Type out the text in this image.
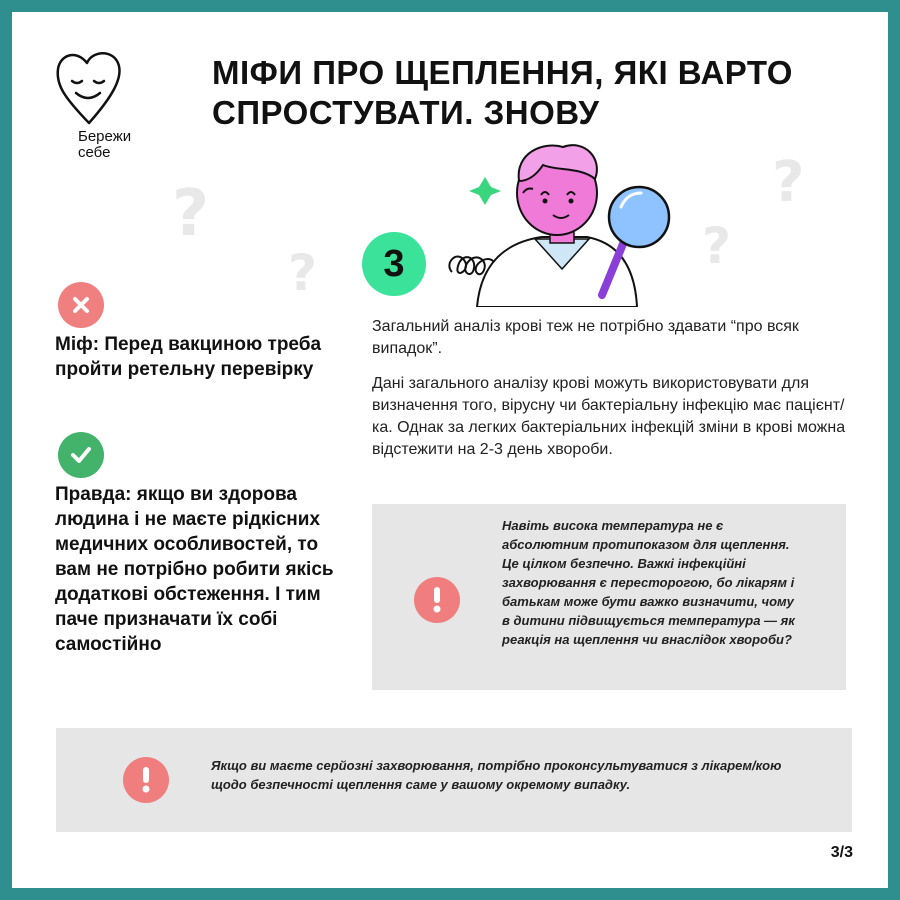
Бережи
себе
МІФИ ПРО ЩЕПЛЕННЯ, ЯКІ ВАРТО СПРОСТУВАТИ. ЗНОВУ
?
?	?
?
3
Міф: Перед вакциною треба пройти ретельну перевірку
Правда: якщо ви здорова людина і не маєте рідкісних медичних особливостей, то вам не потрібно робити якісь додаткові обстеження. І тим паче призначати їх собі самостійно

Загальний аналіз крові теж не потрібно здавати “про всяк випадок”.

Дані загального аналізу крові можуть використовувати для визначення того, вірусну чи бактеріальну інфекцію має пацієнт/ка. Однак за легких бактеріальних інфекцій зміни в крові можна відстежити на 2-3 день хвороби.

Навіть висока температура не є абсолютним протипоказом для щеплення. Це цілком безпечно. Важкі інфекційні захворювання є пересторогою, бо лікарям і батькам може бути важко визначити, чому в дитини підвищується температура — як реакція на щеплення чи внаслідок хвороби?

Якщо ви маєте серйозні захворювання, потрібно проконсультуватися з лікарем/кою щодо безпечності щеплення саме у вашому окремому випадку.

3/3
